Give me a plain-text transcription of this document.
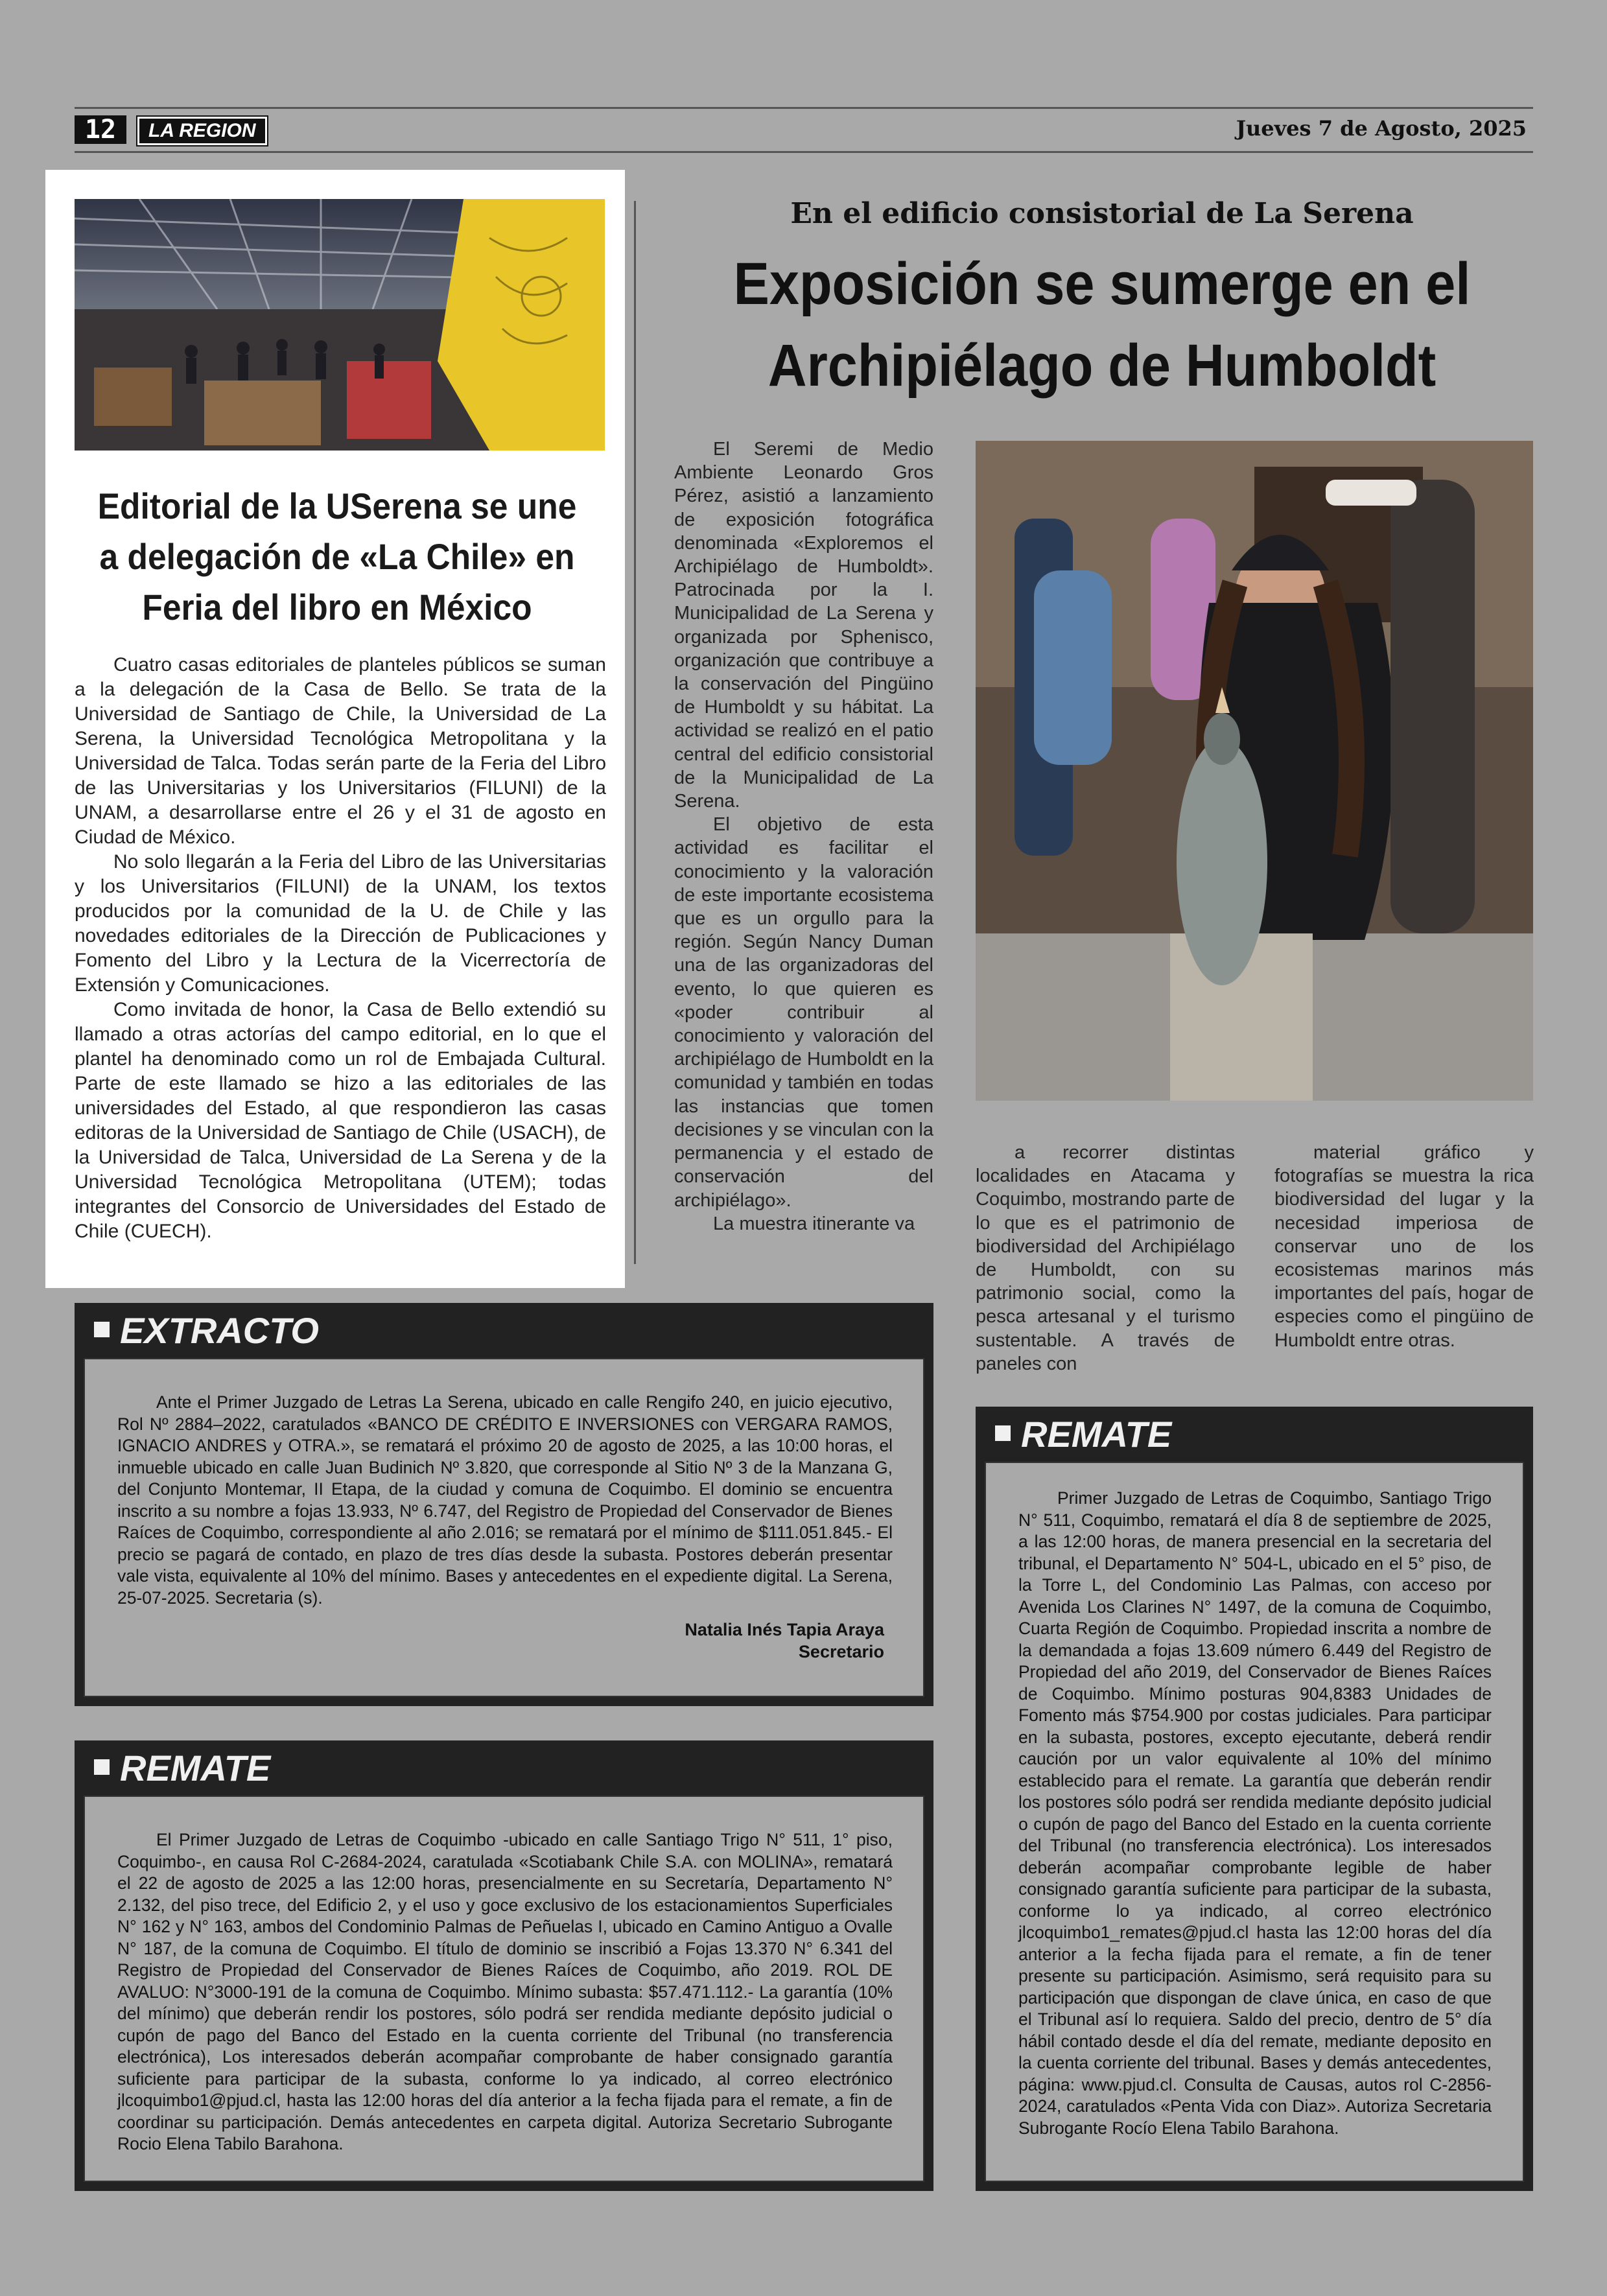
12	LA REGION	Jueves 7 de Agosto, 2025
Editorial de la USerena se une a delegación de «La Chile» en Feria del libro en México

Cuatro casas editoriales de planteles públicos se suman a la delegación de la Casa de Bello. Se trata de la Universidad de Santiago de Chile, la Universidad de La Serena, la Universidad Tecnológica Metropolitana y la Universidad de Talca. Todas serán parte de la Feria del Libro de las Universitarias y los Universitarios (FILUNI) de la UNAM, a desarrollarse entre el 26 y el 31 de agosto en Ciudad de México.

No solo llegarán a la Feria del Libro de las Universitarias y los Universitarios (FILUNI) de la UNAM, los textos producidos por la comunidad de la U. de Chile y las novedades editoriales de la Dirección de Publicaciones y Fomento del Libro y la Lectura de la Vicerrectoría de Extensión y Comunicaciones.

Como invitada de honor, la Casa de Bello extendió su llamado a otras actorías del campo editorial, en lo que el plantel ha denominado como un rol de Embajada Cultural. Parte de este llamado se hizo a las editoriales de las universidades del Estado, al que respondieron las casas editoras de la Universidad de Santiago de Chile (USACH), de la Universidad de Talca, Universidad de La Serena y de la Universidad Tecnológica Metropolitana (UTEM); todas integrantes del Consorcio de Universidades del Estado de Chile (CUECH).

En el edificio consistorial de La Serena
Exposición se sumerge en el Archipiélago de Humboldt

El Seremi de Medio Ambiente Leonardo Gros Pérez, asistió a lanzamiento de exposición fotográfica denominada «Exploremos el Archipiélago de Humboldt». Patrocinada por la I. Municipalidad de La Serena y organizada por Sphenisco, organización que contribuye a la conservación del Pingüino de Humboldt y su hábitat. La actividad se realizó en el patio central del edificio consistorial de la Municipalidad de La Serena.

El objetivo de esta actividad es facilitar el conocimiento y la valoración de este importante ecosistema que es un orgullo para la región. Según Nancy Duman una de las organizadoras del evento, lo que quieren es «poder contribuir al conocimiento y valoración del archipiélago de Humboldt en la comunidad y también en todas las instancias que tomen decisiones y se vinculan con la permanencia y el estado de conservación del archipiélago».

La muestra itinerante va

a recorrer distintas localidades en Atacama y Coquimbo, mostrando parte de lo que es el patrimonio de biodiversidad del Archipiélago de Humboldt, con su patrimonio social, como la pesca artesanal y el turismo sustentable. A través de paneles con

material gráfico y fotografías se muestra la rica biodiversidad del lugar y la necesidad imperiosa de conservar uno de los ecosistemas marinos más importantes del país, hogar de especies como el pingüino de Humboldt entre otras.

EXTRACTO

Ante el Primer Juzgado de Letras La Serena, ubicado en calle Rengifo 240, en juicio ejecutivo, Rol Nº 2884–2022, caratulados «BANCO DE CRÉDITO E INVERSIONES con VERGARA RAMOS, IGNACIO ANDRES y OTRA.», se rematará el próximo 20 de agosto de 2025, a las 10:00 horas, el inmueble ubicado en calle Juan Budinich Nº 3.820, que corresponde al Sitio Nº 3 de la Manzana G, del Conjunto Montemar, II Etapa, de la ciudad y comuna de Coquimbo. El dominio se encuentra inscrito a su nombre a fojas 13.933, Nº 6.747, del Registro de Propiedad del Conservador de Bienes Raíces de Coquimbo, correspondiente al año 2.016; se rematará por el mínimo de $111.051.845.- El precio se pagará de contado, en plazo de tres días desde la subasta. Postores deberán presentar vale vista, equivalente al 10% del mínimo. Bases y antecedentes en el expediente digital. La Serena, 25-07-2025. Secretaria (s).

Natalia Inés Tapia Araya
Secretario
REMATE

El Primer Juzgado de Letras de Coquimbo -ubicado en calle Santiago Trigo N° 511, 1° piso, Coquimbo-, en causa Rol C-2684-2024, caratulada «Scotiabank Chile S.A. con MOLINA», rematará el 22 de agosto de 2025 a las 12:00 horas, presencialmente en su Secretaría, Departamento N° 2.132, del piso trece, del Edificio 2, y el uso y goce exclusivo de los estacionamientos Superficiales N° 162 y N° 163, ambos del Condominio Palmas de Peñuelas I, ubicado en Camino Antiguo a Ovalle N° 187, de la comuna de Coquimbo. El título de dominio se inscribió a Fojas 13.370 N° 6.341 del Registro de Propiedad del Conservador de Bienes Raíces de Coquimbo, año 2019. ROL DE AVALUO: N°3000-191 de la comuna de Coquimbo. Mínimo subasta: $57.471.112.- La garantía (10% del mínimo) que deberán rendir los postores, sólo podrá ser rendida mediante depósito judicial o cupón de pago del Banco del Estado en la cuenta corriente del Tribunal (no transferencia electrónica), Los interesados deberán acompañar comprobante de haber consignado garantía suficiente para participar de la subasta, conforme lo ya indicado, al correo electrónico jlcoquimbo1@pjud.cl, hasta las 12:00 horas del día anterior a la fecha fijada para el remate, a fin de coordinar su participación. Demás antecedentes en carpeta digital. Autoriza Secretario Subrogante Rocio Elena Tabilo Barahona.

REMATE

Primer Juzgado de Letras de Coquimbo, Santiago Trigo N° 511, Coquimbo, rematará el día 8 de septiembre de 2025, a las 12:00 horas, de manera presencial en la secretaria del tribunal, el Departamento N° 504-L, ubicado en el 5° piso, de la Torre L, del Condominio Las Palmas, con acceso por Avenida Los Clarines N° 1497, de la comuna de Coquimbo, Cuarta Región de Coquimbo. Propiedad inscrita a nombre de la demandada a fojas 13.609 número 6.449 del Registro de Propiedad del año 2019, del Conservador de Bienes Raíces de Coquimbo. Mínimo posturas 904,8383 Unidades de Fomento más $754.900 por costas judiciales. Para participar en la subasta, postores, excepto ejecutante, deberá rendir caución por un valor equivalente al 10% del mínimo establecido para el remate. La garantía que deberán rendir los postores sólo podrá ser rendida mediante depósito judicial o cupón de pago del Banco del Estado en la cuenta corriente del Tribunal (no transferencia electrónica). Los interesados deberán acompañar comprobante legible de haber consignado garantía suficiente para participar de la subasta, conforme lo ya indicado, al correo electrónico jlcoquimbo1_remates@pjud.cl hasta las 12:00 horas del día anterior a la fecha fijada para el remate, a fin de tener presente su participación. Asimismo, será requisito para su participación que dispongan de clave única, en caso de que el Tribunal así lo requiera. Saldo del precio, dentro de 5° día hábil contado desde el día del remate, mediante deposito en la cuenta corriente del tribunal. Bases y demás antecedentes, página: www.pjud.cl. Consulta de Causas, autos rol C-2856-2024, caratulados «Penta Vida con Diaz». Autoriza Secretaria Subrogante Rocío Elena Tabilo Barahona.
